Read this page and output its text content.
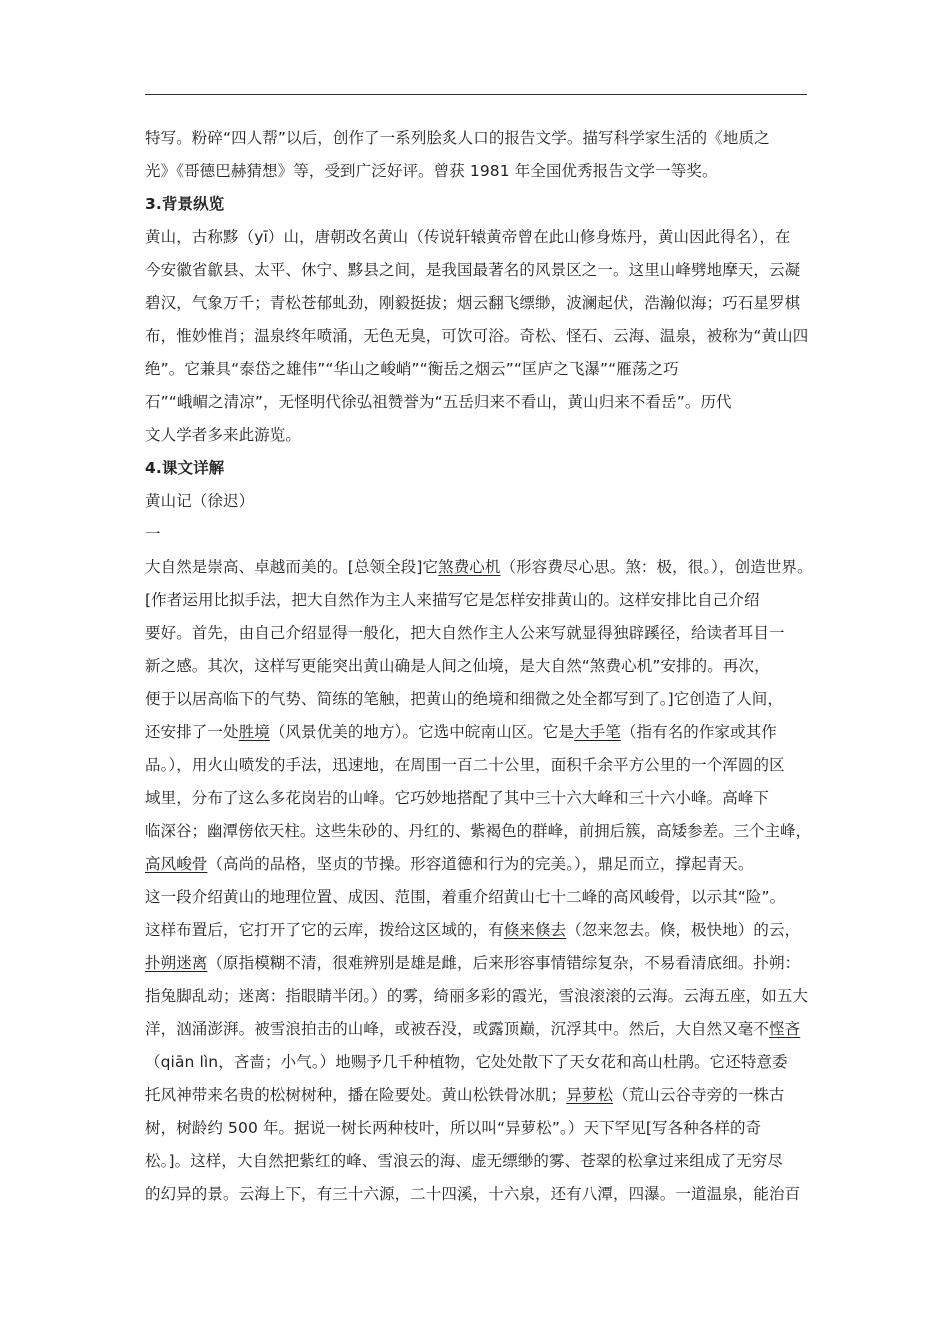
特写。粉碎“四人帮”以后，创作了一系列脍炙人口的报告文学。描写科学家生活的《地质之

光》《哥德巴赫猜想》等，受到广泛好评。曾获 1981 年全国优秀报告文学一等奖。

3.背景纵览

黄山，古称黟（yī）山，唐朝改名黄山（传说轩辕黄帝曾在此山修身炼丹，黄山因此得名），在

今安徽省歙县、太平、休宁、黟县之间，是我国最著名的风景区之一。这里山峰劈地摩天，云凝

碧汉，气象万千；青松苍郁虬劲，刚毅挺拔；烟云翻飞缥缈，波澜起伏，浩瀚似海；巧石星罗棋

布，惟妙惟肖；温泉终年喷涌，无色无臭，可饮可浴。奇松、怪石、云海、温泉，被称为“黄山四

绝”。它兼具“泰岱之雄伟”“华山之峻峭”“衡岳之烟云”“匡庐之飞瀑”“雁荡之巧

石”“峨嵋之清凉”，无怪明代徐弘祖赞誉为“五岳归来不看山，黄山归来不看岳”。历代

文人学者多来此游览。

4.课文详解

黄山记（徐迟）

一

大自然是崇高、卓越而美的。[总领全段]它煞费心机（形容费尽心思。煞：极，很。），创造世界。

[作者运用比拟手法，把大自然作为主人来描写它是怎样安排黄山的。这样安排比自己介绍

要好。首先，由自己介绍显得一般化，把大自然作主人公来写就显得独辟蹊径，给读者耳目一

新之感。其次，这样写更能突出黄山确是人间之仙境，是大自然“煞费心机”安排的。再次，

便于以居高临下的气势、简练的笔触，把黄山的绝境和细微之处全都写到了。]它创造了人间，

还安排了一处胜境（风景优美的地方）。它选中皖南山区。它是大手笔（指有名的作家或其作

品。），用火山喷发的手法，迅速地，在周围一百二十公里，面积千余平方公里的一个浑圆的区

域里，分布了这么多花岗岩的山峰。它巧妙地搭配了其中三十六大峰和三十六小峰。高峰下

临深谷；幽潭傍依天柱。这些朱砂的、丹红的、紫褐色的群峰，前拥后簇，高矮参差。三个主峰，

高风峻骨（高尚的品格，坚贞的节操。形容道德和行为的完美。），鼎足而立，撑起青天。

这一段介绍黄山的地理位置、成因、范围，着重介绍黄山七十二峰的高风峻骨，以示其“险”。

这样布置后，它打开了它的云库，拨给这区域的，有倏来倏去（忽来忽去。倏，极快地）的云，

扑朔迷离（原指模糊不清，很难辨别是雄是雌，后来形容事情错综复杂，不易看清底细。扑朔：

指兔脚乱动；迷离：指眼睛半闭。）的雾，绮丽多彩的霞光，雪浪滚滚的云海。云海五座，如五大

洋，汹涌澎湃。被雪浪拍击的山峰，或被吞没，或露顶巅，沉浮其中。然后，大自然又毫不悭吝

（qiān lìn，吝啬；小气。）地赐予几千种植物，它处处散下了天女花和高山杜鹃。它还特意委

托风神带来名贵的松树树种，播在险要处。黄山松铁骨冰肌；异萝松（荒山云谷寺旁的一株古

树，树龄约 500 年。据说一树长两种枝叶，所以叫“异萝松”。）天下罕见[写各种各样的奇

松。]。这样，大自然把紫红的峰、雪浪云的海、虚无缥缈的雾、苍翠的松拿过来组成了无穷尽

的幻异的景。云海上下，有三十六源，二十四溪，十六泉，还有八潭，四瀑。一道温泉，能治百
